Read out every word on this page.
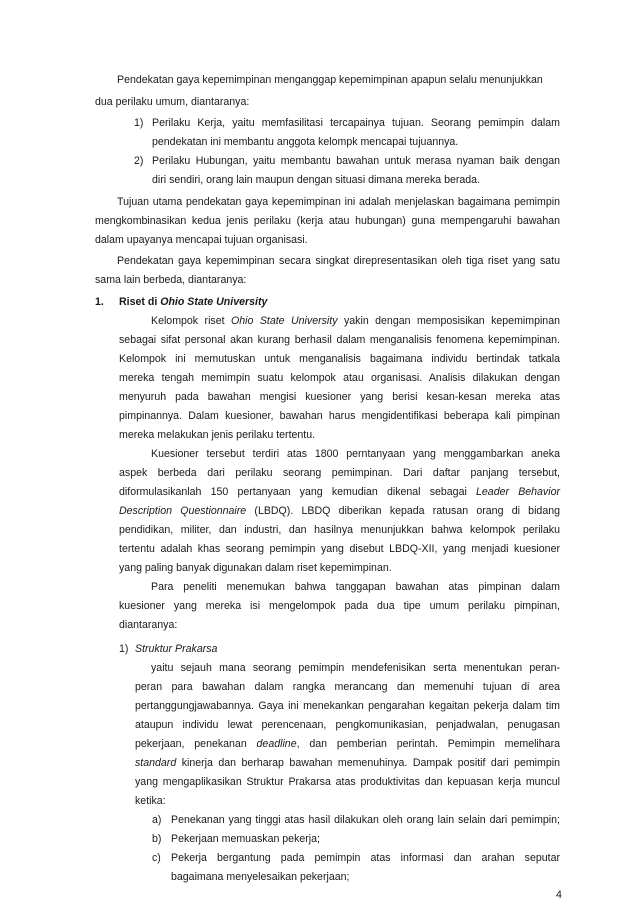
Pendekatan gaya kepemimpinan menganggap kepemimpinan apapun selalu menunjukkan
dua perilaku umum, diantaranya:
1) Perilaku Kerja, yaitu memfasilitasi tercapainya tujuan. Seorang pemimpin dalam
pendekatan ini membantu anggota kelompk mencapai tujuannya.
2) Perilaku Hubungan, yaitu membantu bawahan untuk merasa nyaman baik dengan
diri sendiri, orang lain maupun dengan situasi dimana mereka berada.
Tujuan utama pendekatan gaya kepemimpinan ini adalah menjelaskan bagaimana pemimpin
mengkombinasikan kedua jenis perilaku (kerja atau hubungan) guna mempengaruhi bawahan
dalam upayanya mencapai tujuan organisasi.
Pendekatan gaya kepemimpinan secara singkat direpresentasikan oleh tiga riset yang satu
sama lain berbeda, diantaranya:
1. Riset di Ohio State University
Kelompok riset Ohio State University yakin dengan memposisikan kepemimpinan
sebagai sifat personal akan kurang berhasil dalam menganalisis fenomena kepemimpinan.
Kelompok ini memutuskan untuk menganalisis bagaimana individu bertindak tatkala
mereka tengah memimpin suatu kelompok atau organisasi. Analisis dilakukan dengan
menyuruh pada bawahan mengisi kuesioner yang berisi kesan-kesan mereka atas
pimpinannya. Dalam kuesioner, bawahan harus mengidentifikasi beberapa kali pimpinan
mereka melakukan jenis perilaku tertentu.
Kuesioner tersebut terdiri atas 1800 perntanyaan yang menggambarkan aneka
aspek berbeda dari perilaku seorang pemimpinan. Dari daftar panjang tersebut,
diformulasikanlah 150 pertanyaan yang kemudian dikenal sebagai Leader Behavior
Description Questionnaire (LBDQ). LBDQ diberikan kepada ratusan orang di bidang
pendidikan, militer, dan industri, dan hasilnya menunjukkan bahwa kelompok perilaku
tertentu adalah khas seorang pemimpin yang disebut LBDQ-XII, yang menjadi kuesioner
yang paling banyak digunakan dalam riset kepemimpinan.
Para peneliti menemukan bahwa tanggapan bawahan atas pimpinan dalam
kuesioner yang mereka isi mengelompok pada dua tipe umum perilaku pimpinan,
diantaranya:
1) Struktur Prakarsa
yaitu sejauh mana seorang pemimpin mendefenisikan serta menentukan peran-
peran para bawahan dalam rangka merancang dan memenuhi tujuan di area
pertanggungjawabannya. Gaya ini menekankan pengarahan kegaitan pekerja dalam tim
ataupun individu lewat perencenaan, pengkomunikasian, penjadwalan, penugasan
pekerjaan, penekanan deadline, dan pemberian perintah. Pemimpin memelihara
standard kinerja dan berharap bawahan memenuhinya. Dampak positif dari pemimpin
yang mengaplikasikan Struktur Prakarsa atas produktivitas dan kepuasan kerja muncul
ketika:
a) Penekanan yang tinggi atas hasil dilakukan oleh orang lain selain dari pemimpin;
b) Pekerjaan memuaskan pekerja;
c) Pekerja bergantung pada pemimpin atas informasi dan arahan seputar
bagaimana menyelesaikan pekerjaan;
4
